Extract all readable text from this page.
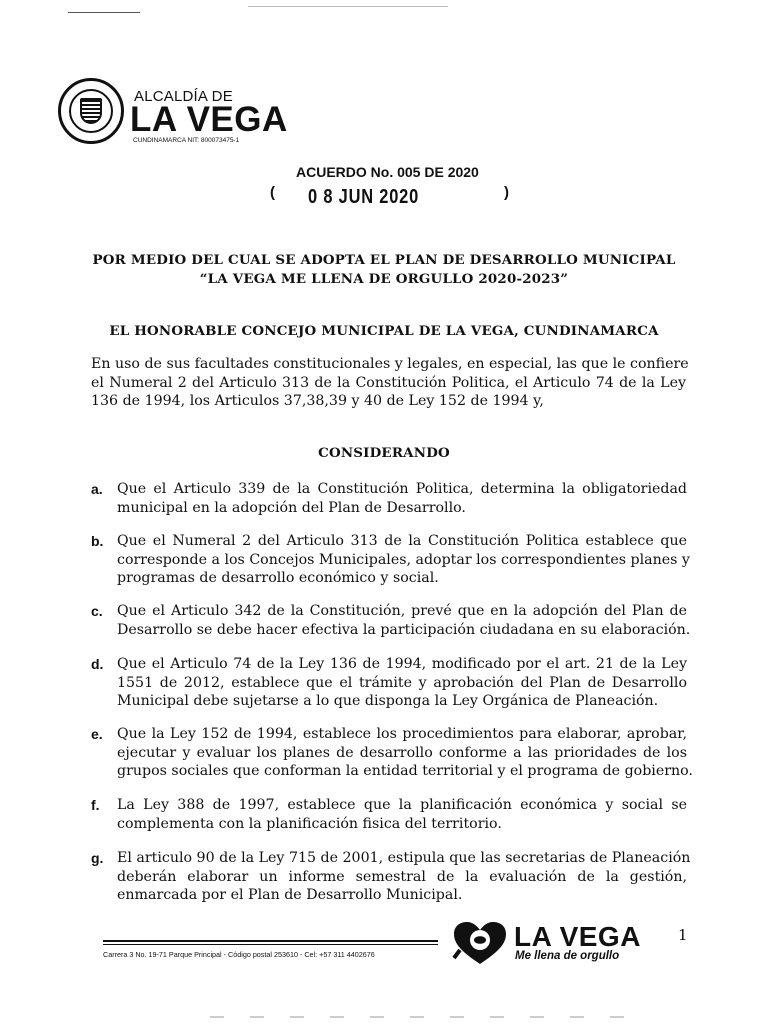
ALCALDÍA DE
LA VEGA
CUNDINAMARCA NIT: 800073475-1
ACUERDO No. 005 DE 2020
( 0 8 JUN 2020	)
POR MEDIO DEL CUAL SE ADOPTA EL PLAN DE DESARROLLO MUNICIPAL
“LA VEGA ME LLENA DE ORGULLO 2020-2023”
EL HONORABLE CONCEJO MUNICIPAL DE LA VEGA, CUNDINAMARCA
En uso de sus facultades constitucionales y legales, en especial, las que le confiere
el Numeral 2 del Articulo 313 de la Constitución Politica, el Articulo 74 de la Ley
136 de 1994, los Articulos 37,38,39 y 40 de Ley 152 de 1994 y,
CONSIDERANDO
a.	Que el Articulo 339 de la Constitución Politica, determina la obligatoriedad
municipal en la adopción del Plan de Desarrollo.
b. Que el Numeral 2 del Articulo 313 de la Constitución Politica establece que
corresponde a los Concejos Municipales, adoptar los correspondientes planes y
programas de desarrollo económico y social.
c.	Que el Articulo 342 de la Constitución, prevé que en la adopción del Plan de
Desarrollo se debe hacer efectiva la participación ciudadana en su elaboración.
d. Que el Articulo 74 de la Ley 136 de 1994, modificado por el art. 21 de la Ley
1551 de 2012, establece que el trámite y aprobación del Plan de Desarrollo
Municipal debe sujetarse a lo que disponga la Ley Orgánica de Planeación.
e.	Que la Ley 152 de 1994, establece los procedimientos para elaborar, aprobar,
ejecutar y evaluar los planes de desarrollo conforme a las prioridades de los
grupos sociales que conforman la entidad territorial y el programa de gobierno.
f.	La Ley 388 de 1997, establece que la planificación económica y social se
complementa con la planificación fisica del territorio.
g. El articulo 90 de la Ley 715 de 2001, estipula que las secretarias de Planeación
deberán elaborar un informe semestral de la evaluación de la gestión,
enmarcada por el Plan de Desarrollo Municipal.
Carrera 3 No. 19-71 Parque Principal - Código postal 253610 - Cel: +57 311 4402676
LA VEGA
Me llena de orgullo
1
